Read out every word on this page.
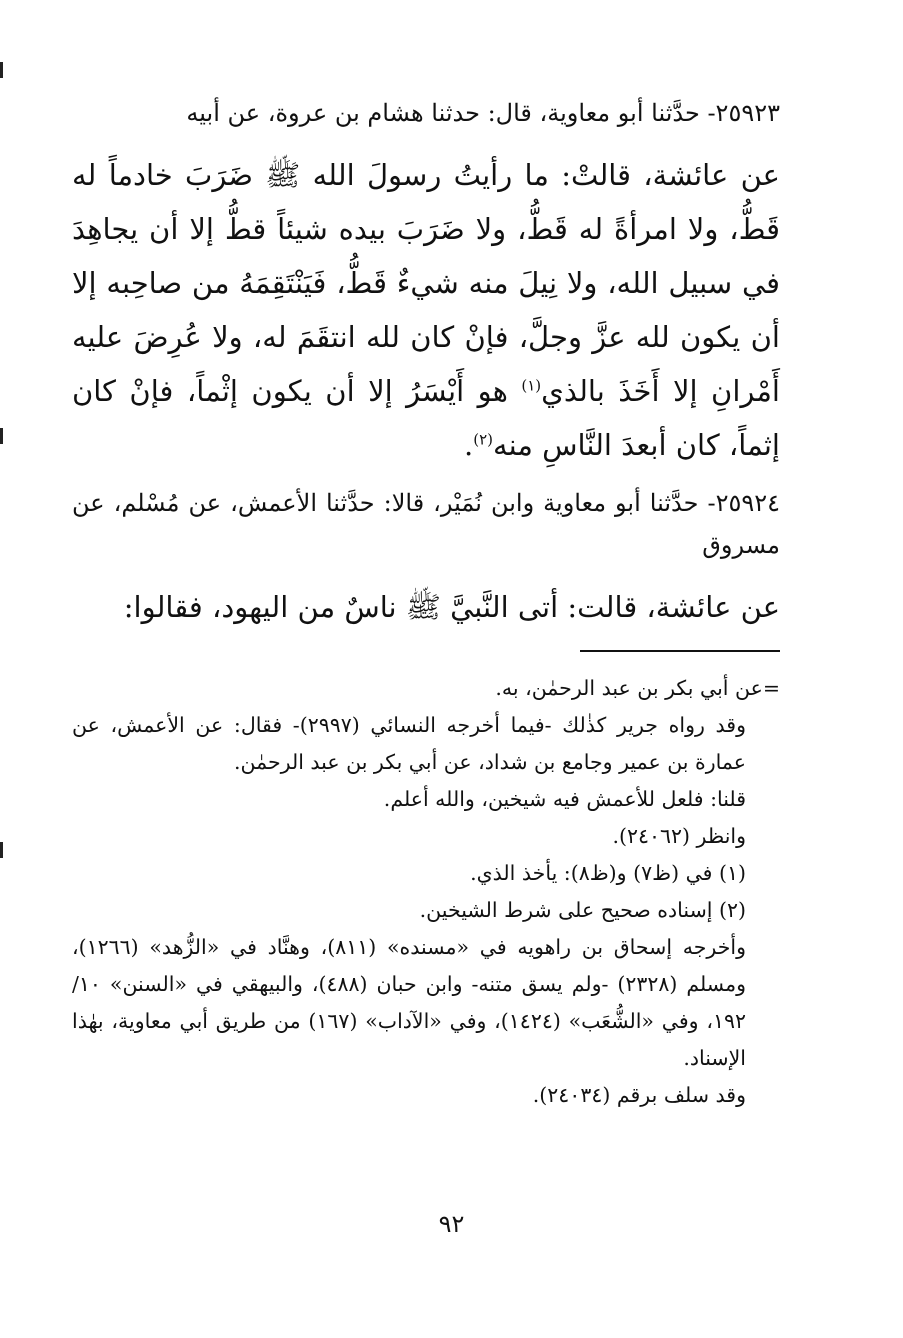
٢٥٩٢٣- حدَّثنا أبو معاوية، قال: حدثنا هشام بن عروة، عن أبيه

عن عائشة، قالتْ: ما رأيتُ رسولَ الله ﷺ ضَرَبَ خادماً له قَطُّ، ولا امرأةً له قَطُّ، ولا ضَرَبَ بيده شيئاً قطُّ إلا أن يجاهِدَ في سبيل الله، ولا نِيلَ منه شيءٌ قَطُّ، فَيَنْتَقِمَهُ من صاحِبه إلا أن يكون لله عزَّ وجلَّ، فإنْ كان لله انتقَمَ له، ولا عُرِضَ عليه أَمْرانِ إلا أَخَذَ بالذي$^{(١)}$ هو أَيْسَرُ إلا أن يكون إثْماً، فإنْ كان إثماً، كان أبعدَ النَّاسِ منه$^{(٢)}$.

٢٥٩٢٤- حدَّثنا أبو معاوية وابن نُمَيْر، قالا: حدَّثنا الأعمش، عن مُسْلم، عن مسروق

عن عائشة، قالت: أتى النَّبيَّ ﷺ ناسٌ من اليهود، فقالوا:

=عن أبي بكر بن عبد الرحمٰن، به.

وقد رواه جرير كذٰلك -فيما أخرجه النسائي (٢٩٩٧)- فقال: عن الأعمش، عن عمارة بن عمير وجامع بن شداد، عن أبي بكر بن عبد الرحمٰن.

قلنا: فلعل للأعمش فيه شيخين، والله أعلم.

وانظر (٢٤٠٦٢).

(١) في (ظ٧) و(ظ٨): يأخذ الذي.

(٢) إسناده صحيح على شرط الشيخين.

وأخرجه إسحاق بن راهويه في «مسنده» (٨١١)، وهنَّاد في «الزُّهد» (١٢٦٦)، ومسلم (٢٣٢٨) -ولم يسق متنه- وابن حبان (٤٨٨)، والبيهقي في «السنن» ١٠/ ١٩٢، وفي «الشُّعَب» (١٤٢٤)، وفي «الآداب» (١٦٧) من طريق أبي معاوية، بهٰذا الإسناد.

وقد سلف برقم (٢٤٠٣٤).

٩٢
